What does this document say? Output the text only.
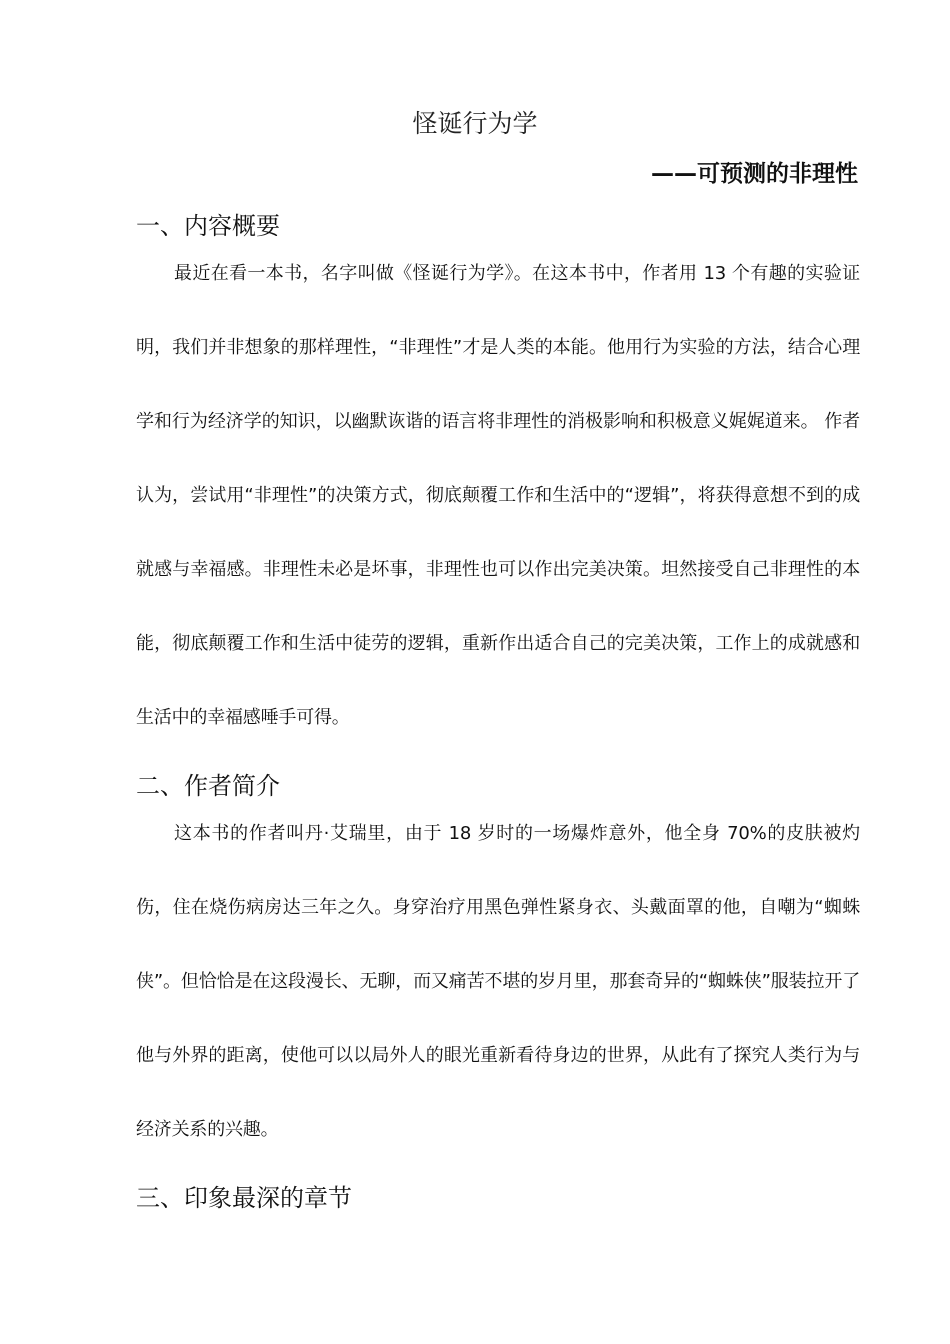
怪诞行为学
——可预测的非理性
一、内容概要

最近在看一本书，名字叫做《怪诞行为学》。在这本书中，作者用 13 个有趣的实验证明，我们并非想象的那样理性，“非理性”才是人类的本能。他用行为实验的方法，结合心理学和行为经济学的知识，以幽默诙谐的语言将非理性的消极影响和积极意义娓娓道来。 作者认为，尝试用“非理性”的决策方式，彻底颠覆工作和生活中的“逻辑”，将获得意想不到的成就感与幸福感。非理性未必是坏事，非理性也可以作出完美决策。坦然接受自己非理性的本能，彻底颠覆工作和生活中徒劳的逻辑，重新作出适合自己的完美决策，工作上的成就感和生活中的幸福感唾手可得。

二、作者简介

这本书的作者叫丹·艾瑞里，由于 18 岁时的一场爆炸意外，他全身 70%的皮肤被灼伤，住在烧伤病房达三年之久。身穿治疗用黑色弹性紧身衣、头戴面罩的他，自嘲为“蜘蛛侠”。但恰恰是在这段漫长、无聊，而又痛苦不堪的岁月里，那套奇异的“蜘蛛侠”服装拉开了他与外界的距离，使他可以以局外人的眼光重新看待身边的世界，从此有了探究人类行为与经济关系的兴趣。

三、印象最深的章节
